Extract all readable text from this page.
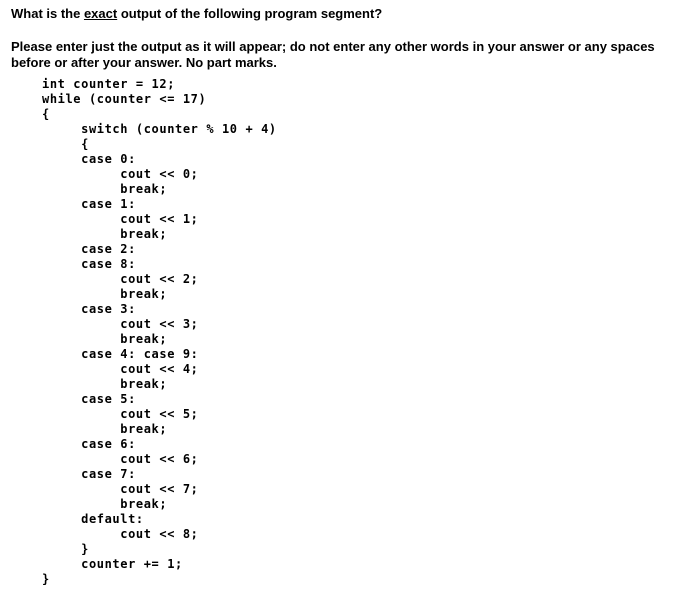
What is the exact output of the following program segment?

Please enter just the output as it will appear; do not enter any other words in your answer or any spaces before or after your answer. No part marks.

int counter = 12;
while (counter <= 17)
{
switch (counter % 10 + 4)
{
case 0:
cout << 0;
break;
case 1:
cout << 1;
break;
case 2:
case 8:
cout << 2;
break;
case 3:
cout << 3;
break;
case 4: case 9:
cout << 4;
break;
case 5:
cout << 5;
break;
case 6:
cout << 6;
case 7:
cout << 7;
break;
default:
cout << 8;
}
counter += 1;
}
